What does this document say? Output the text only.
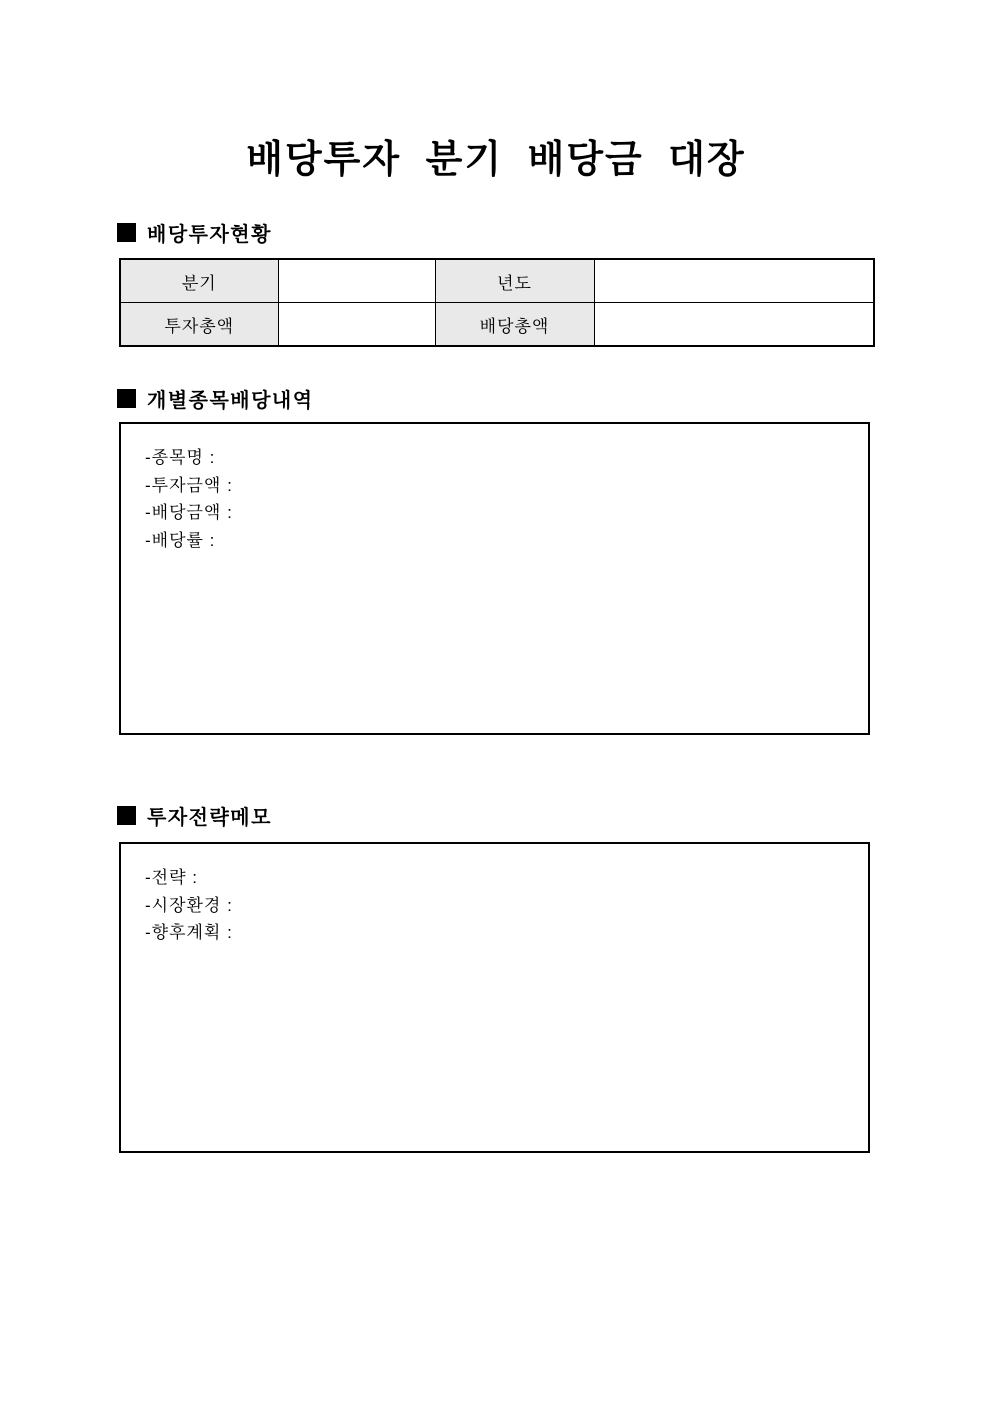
배당투자 분기 배당금 대장
배당투자현황
분기		년도	
투자총액		배당총액	
개별종목배당내역
-종목명 :
-투자금액 :
-배당금액 :
-배당률 :
투자전략메모
-전략 :
-시장환경 :
-향후계획 :
